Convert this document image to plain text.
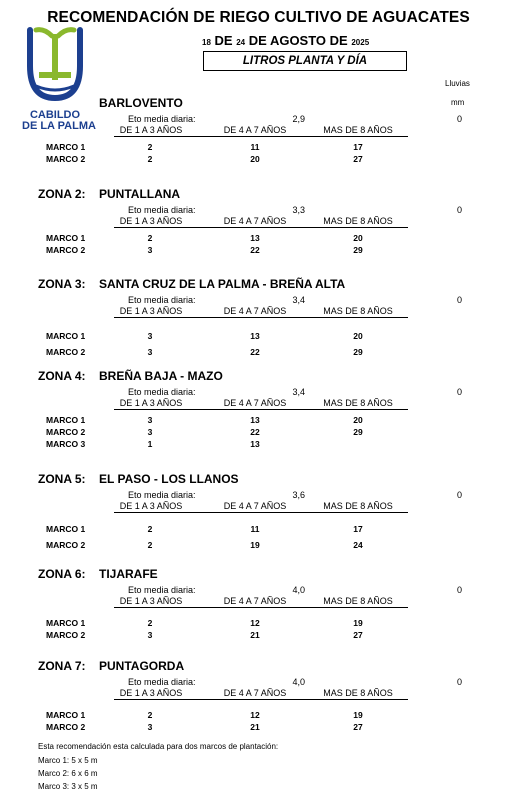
RECOMENDACIÓN DE RIEGO CULTIVO DE AGUACATES
18 DE 24 DE AGOSTO DE 2025
LITROS PLANTA Y DÍA
Lluvias
mm
CABILDO
DE LA PALMA
BARLOVENTO
Eto media diaria:	2,9	0
DE 1 A 3 AÑOS	DE 4 A 7 AÑOS	MAS DE 8 AÑOS
MARCO 1	2	11	17
MARCO 2	2	20	27
ZONA 2: PUNTALLANA
Eto media diaria:	3,3	0
DE 1 A 3 AÑOS	DE 4 A 7 AÑOS	MAS DE 8 AÑOS
MARCO 1	2	13	20
MARCO 2	3	22	29
ZONA 3: SANTA CRUZ DE LA PALMA - BREÑA ALTA
Eto media diaria:	3,4	0
DE 1 A 3 AÑOS	DE 4 A 7 AÑOS	MAS DE 8 AÑOS
MARCO 1	3	13	20
MARCO 2	3	22	29
ZONA 4: BREÑA BAJA - MAZO
Eto media diaria:	3,4	0
DE 1 A 3 AÑOS	DE 4 A 7 AÑOS	MAS DE 8 AÑOS
MARCO 1	3	13	20
MARCO 2	3	22	29
MARCO 3	1	13
ZONA 5: EL PASO - LOS LLANOS
Eto media diaria:	3,6	0
DE 1 A 3 AÑOS	DE 4 A 7 AÑOS	MAS DE 8 AÑOS
MARCO 1	2	11	17
MARCO 2	2	19	24
ZONA 6: TIJARAFE
Eto media diaria:	4,0	0
DE 1 A 3 AÑOS	DE 4 A 7 AÑOS	MAS DE 8 AÑOS
MARCO 1	2	12	19
MARCO 2	3	21	27
ZONA 7: PUNTAGORDA
Eto media diaria:	4,0	0
DE 1 A 3 AÑOS	DE 4 A 7 AÑOS	MAS DE 8 AÑOS
MARCO 1	2	12	19
MARCO 2	3	21	27
Esta recomendación esta calculada para dos marcos de plantación:
Marco 1: 5 x 5 m
Marco 2: 6 x 6 m
Marco 3: 3 x 5 m
